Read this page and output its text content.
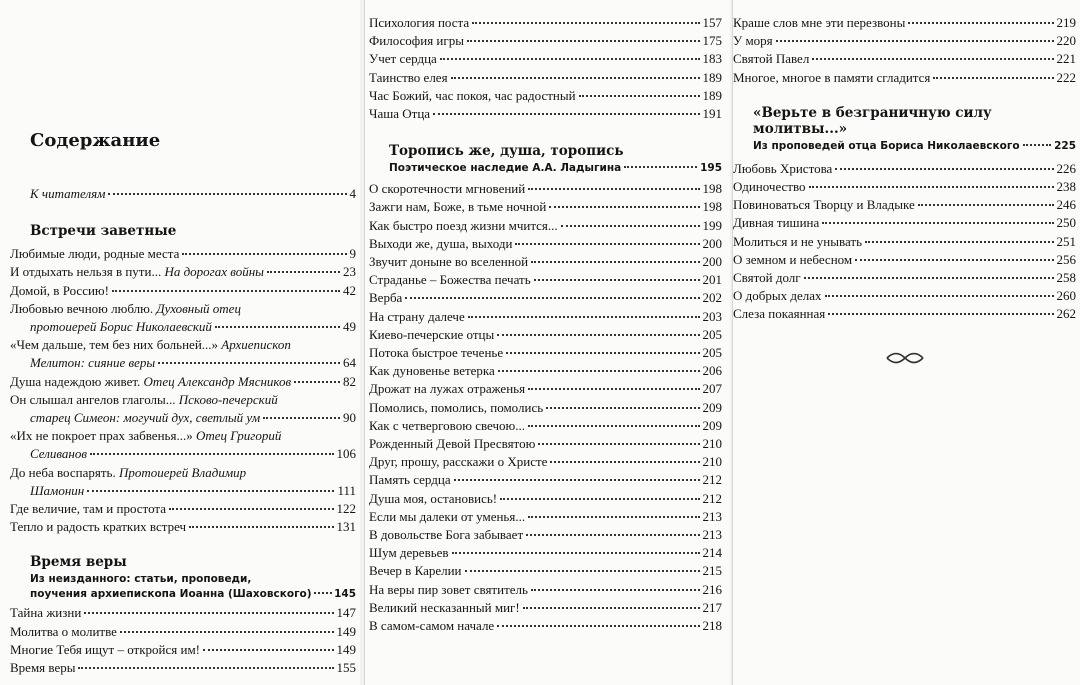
Содержание
К читателям	4
Встречи заветные
Любимые люди, родные места	9
И отдыхать нельзя в пути... На дорогах войны	23
Домой, в Россию!	42
Любовью вечною люблю. Духовный отец
протоиерей Борис Николаевский	49
«Чем дальше, тем без них больней...» Архиепископ
Мелитон: сияние веры	64
Душа надеждою живет. Отец Александр Мясников	82
Он слышал ангелов глаголы... Псково-печерский
старец Симеон: могучий дух, светлый ум	90
«Их не покроет прах забвенья...» Отец Григорий
Селиванов	106
До неба воспарять. Протоиерей Владимир
Шамонин	111
Где величие, там и простота	122
Тепло и радость кратких встреч	131
Время веры
Из неизданного: статьи, проповеди,
поучения архиепископа Иоанна (Шаховского) 145
Тайна жизни	147
Молитва о молитве	149
Многие Тебя ищут – откройся им!	149
Время веры	155
Психология поста	157
Философия игры	175
Учет сердца	183
Таинство елея	189
Час Божий, час покоя, час радостный	189
Чаша Отца	191
Торопись же, душа, торопись
Поэтическое наследие А.А. Ладыгина	195
О скоротечности мгновений	198
Зажги нам, Боже, в тьме ночной	198
Как быстро поезд жизни мчится...	199
Выходи же, душа, выходи	200
Звучит доныне во вселенной	200
Страданье – Божества печать	201
Верба	202
На страну далече	203
Киево-печерские отцы	205
Потока быстрое теченье	205
Как дуновенье ветерка	206
Дрожат на лужах отраженья	207
Помолись, помолись, помолись	209
Как с четверговою свечою...	209
Рожденный Девой Пресвятою	210
Друг, прошу, расскажи о Христе	210
Память сердца	212
Душа моя, остановись!	212
Если мы далеки от уменья...	213
В довольстве Бога забывает	213
Шум деревьев	214
Вечер в Карелии	215
На веры пир зовет святитель	216
Великий несказанный миг!	217
В самом-самом начале	218
Краше слов мне эти перезвоны	219
У моря	220
Святой Павел	221
Многое, многое в памяти сгладится	222
«Верьте в безграничную силу молитвы...»
Из проповедей отца Бориса Николаевского	225
Любовь Христова	226
Одиночество	238
Повиноваться Творцу и Владыке	246
Дивная тишина	250
Молиться и не унывать	251
О земном и небесном	256
Святой долг	258
О добрых делах	260
Слеза покаянная	262
